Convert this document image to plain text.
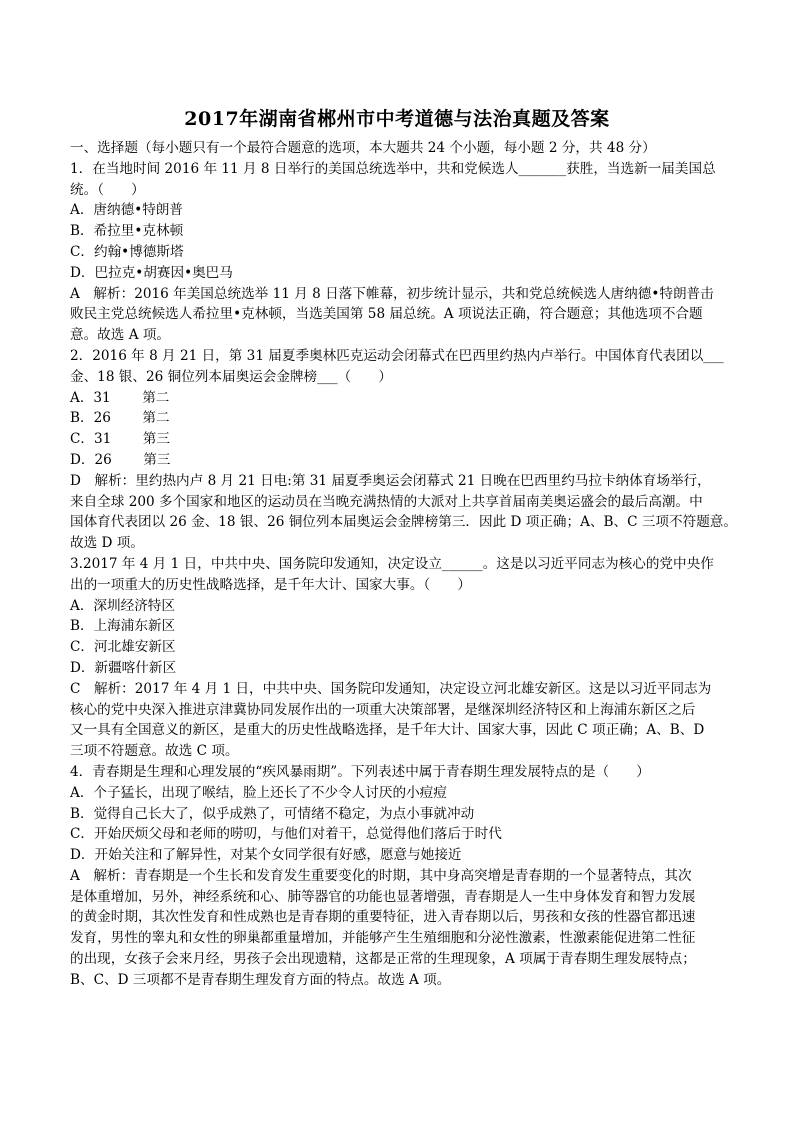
2017年湖南省郴州市中考道德与法治真题及答案
一、选择题（每小题只有一个最符合题意的选项，本大题共 24 个小题，每小题 2 分，共 48 分）
1．在当地时间 2016 年 11 月 8 日举行的美国总统选举中，共和党候选人_______获胜，当选新一届美国总
统。（　　）
A．唐纳德•特朗普
B．希拉里•克林顿
C．约翰•博德斯塔
D．巴拉克•胡赛因•奥巴马
A　解析：2016 年美国总统选举 11 月 8 日落下帷幕，初步统计显示，共和党总统候选人唐纳德•特朗普击
败民主党总统候选人希拉里•克林顿，当选美国第 58 届总统。A 项说法正确，符合题意；其他选项不合题
意。故选 A 项。
2．2016 年 8 月 21 日，第 31 届夏季奥林匹克运动会闭幕式在巴西里约热内卢举行。中国体育代表团以___
金、18 银、26 铜位列本届奥运会金牌榜___（　　）
A．31　　 第二
B．26　　 第二
C．31　　 第三
D．26　　 第三
D　解析：里约热内卢 8 月 21 日电:第 31 届夏季奥运会闭幕式 21 日晚在巴西里约马拉卡纳体育场举行，
来自全球 200 多个国家和地区的运动员在当晚充满热情的大派对上共享首届南美奥运盛会的最后高潮。中
国体育代表团以 26 金、18 银、26 铜位列本届奥运会金牌榜第三．因此 D 项正确；A、B、C 三项不符题意。
故选 D 项。
3.2017 年 4 月 1 日，中共中央、国务院印发通知，决定设立______。这是以习近平同志为核心的党中央作
出的一项重大的历史性战略选择，是千年大计、国家大事。（　　）
A．深圳经济特区
B．上海浦东新区
C．河北雄安新区
D．新疆喀什新区
C　解析：2017 年 4 月 1 日，中共中央、国务院印发通知，决定设立河北雄安新区。这是以习近平同志为
核心的党中央深入推进京津冀协同发展作出的一项重大决策部署，是继深圳经济特区和上海浦东新区之后
又一具有全国意义的新区，是重大的历史性战略选择，是千年大计、国家大事，因此 C 项正确；A、B、D
三项不符题意。故选 C 项。
4．青春期是生理和心理发展的“疾风暴雨期”。下列表述中属于青春期生理发展特点的是（　　）
A．个子猛长，出现了喉结，脸上还长了不少令人讨厌的小痘痘
B．觉得自己长大了，似乎成熟了，可情绪不稳定，为点小事就冲动
C．开始厌烦父母和老师的唠叨，与他们对着干，总觉得他们落后于时代
D．开始关注和了解异性，对某个女同学很有好感，愿意与她接近
A　解析：青春期是一个生长和发育发生重要变化的时期，其中身高突增是青春期的一个显著特点，其次
是体重增加，另外，神经系统和心、肺等器官的功能也显著增强，青春期是人一生中身体发育和智力发展
的黄金时期，其次性发育和性成熟也是青春期的重要特征，进入青春期以后，男孩和女孩的性器官都迅速
发育，男性的睾丸和女性的卵巢都重量增加，并能够产生生殖细胞和分泌性激素，性激素能促进第二性征
的出现，女孩子会来月经，男孩子会出现遗精，这都是正常的生理现象，A 项属于青春期生理发展特点；
B、C、D 三项都不是青春期生理发育方面的特点。故选 A 项。
